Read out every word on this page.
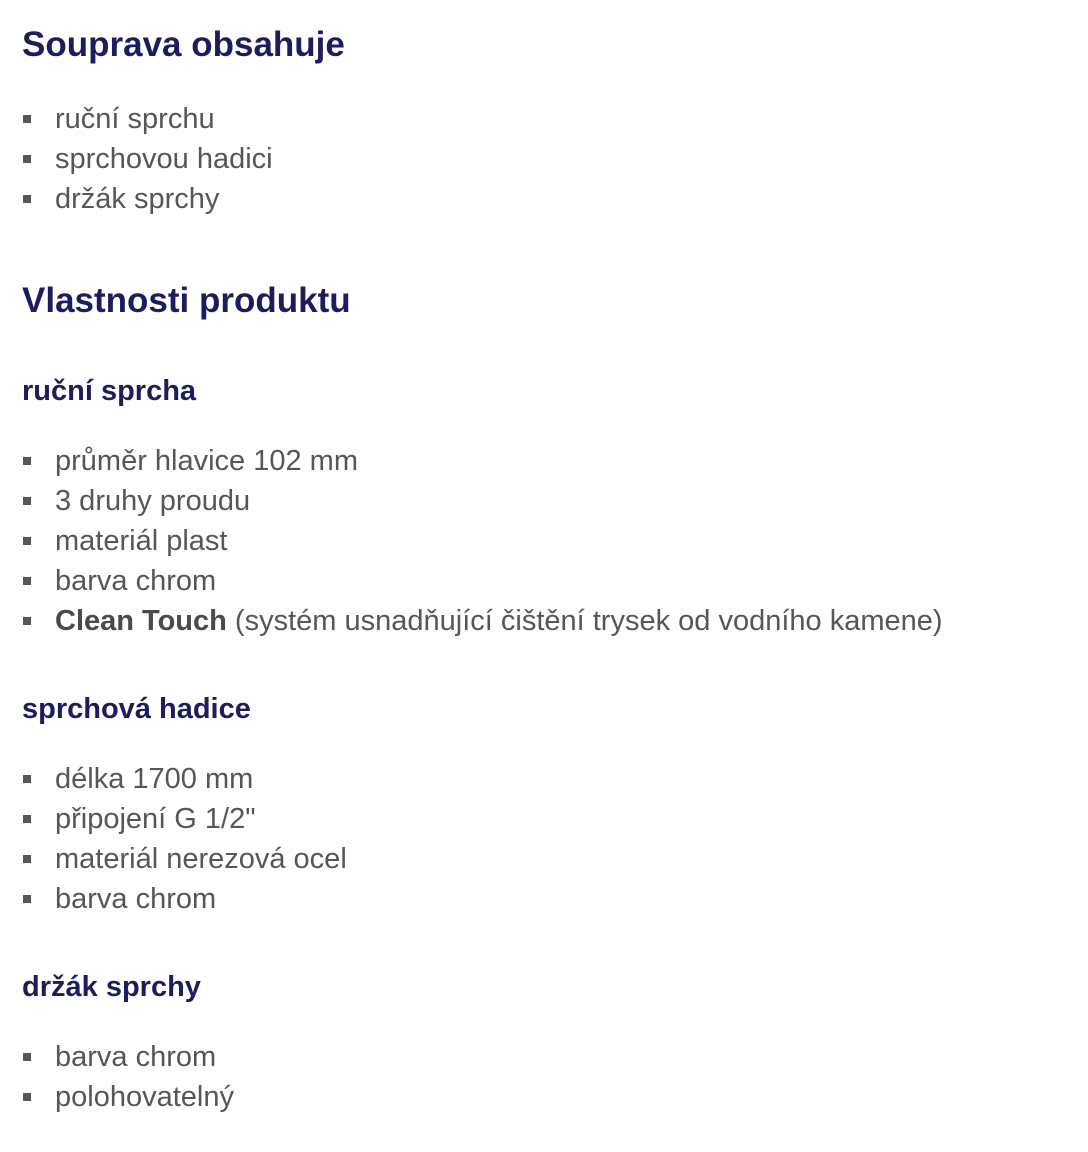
Souprava obsahuje
ruční sprchu
sprchovou hadici
držák sprchy
Vlastnosti produktu
ruční sprcha
průměr hlavice 102 mm
3 druhy proudu
materiál plast
barva chrom
Clean Touch (systém usnadňující čištění trysek od vodního kamene)
sprchová hadice
délka 1700 mm
připojení G 1/2"
materiál nerezová ocel
barva chrom
držák sprchy
barva chrom
polohovatelný
